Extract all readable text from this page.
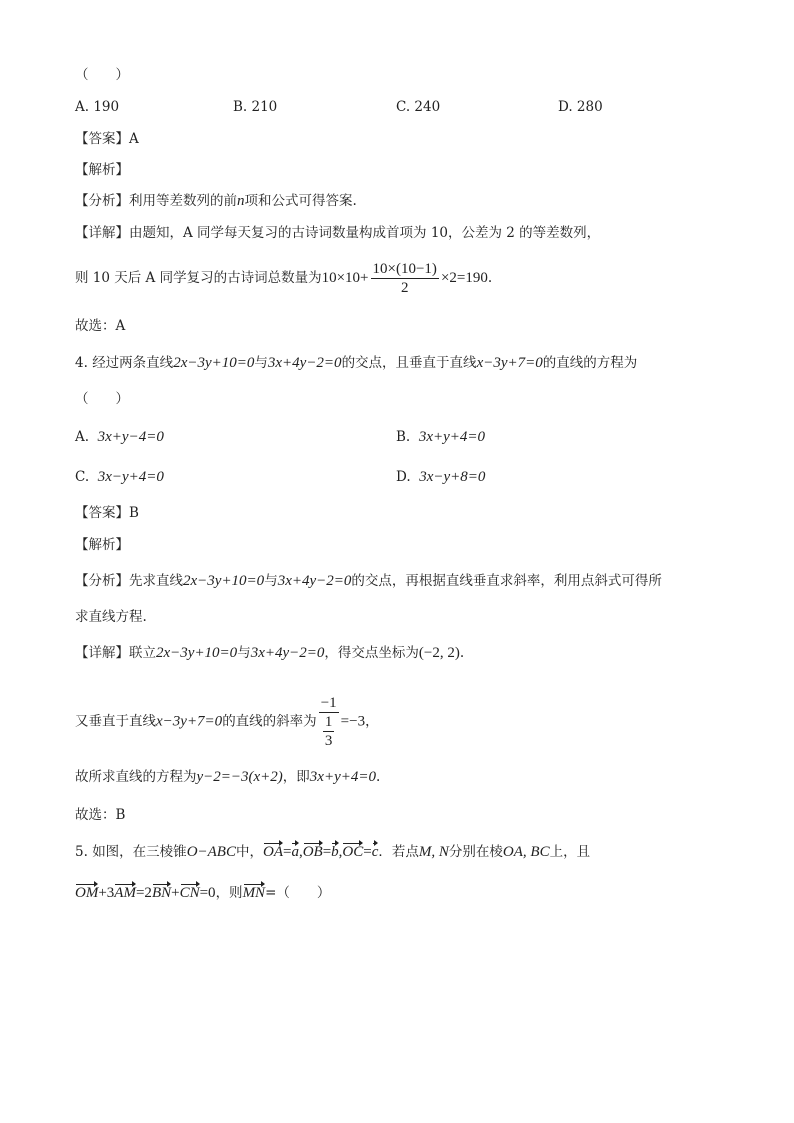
（　　）
A. 190	B. 210	C. 240	D. 280
【答案】A
【解析】
【分析】利用等差数列的前n项和公式可得答案.
【详解】由题知，A 同学每天复习的古诗词数量构成首项为 10，公差为 2 的等差数列，
则 10 天后 A 同学复习的古诗词总数量为$10\times 10+ \frac{10\times(10-1)}{2} \times 2=190$.
故选：A
4. 经过两条直线2x−3y+10=0与3x+4y−2=0的交点，且垂直于直线x−3y+7=0的直线的方程为
（　　）
A. 3x+y−4=0	B. 3x+y+4=0
C. 3x−y+4=0	D. 3x−y+8=0
【答案】B
【解析】
【分析】先求直线2x−3y+10=0与3x+4y−2=0的交点，再根据直线垂直求斜率，利用点斜式可得所
求直线方程.
【详解】联立2x−3y+10=0与3x+4y−2=0，得交点坐标为(−2, 2).
又垂直于直线x−3y+7=0的直线的斜率为 $\frac{-1}{\frac{1}{3}} =-3$，
故所求直线的方程为y−2=−3(x+2)，即3x+y+4=0.
故选：B
5. 如图，在三棱锥O−ABC中，OA=a,OB=b,OC=c．若点M, N分别在棱OA, BC上，且
OM+3AM=2BN+CN=0，则MN=（　　）
